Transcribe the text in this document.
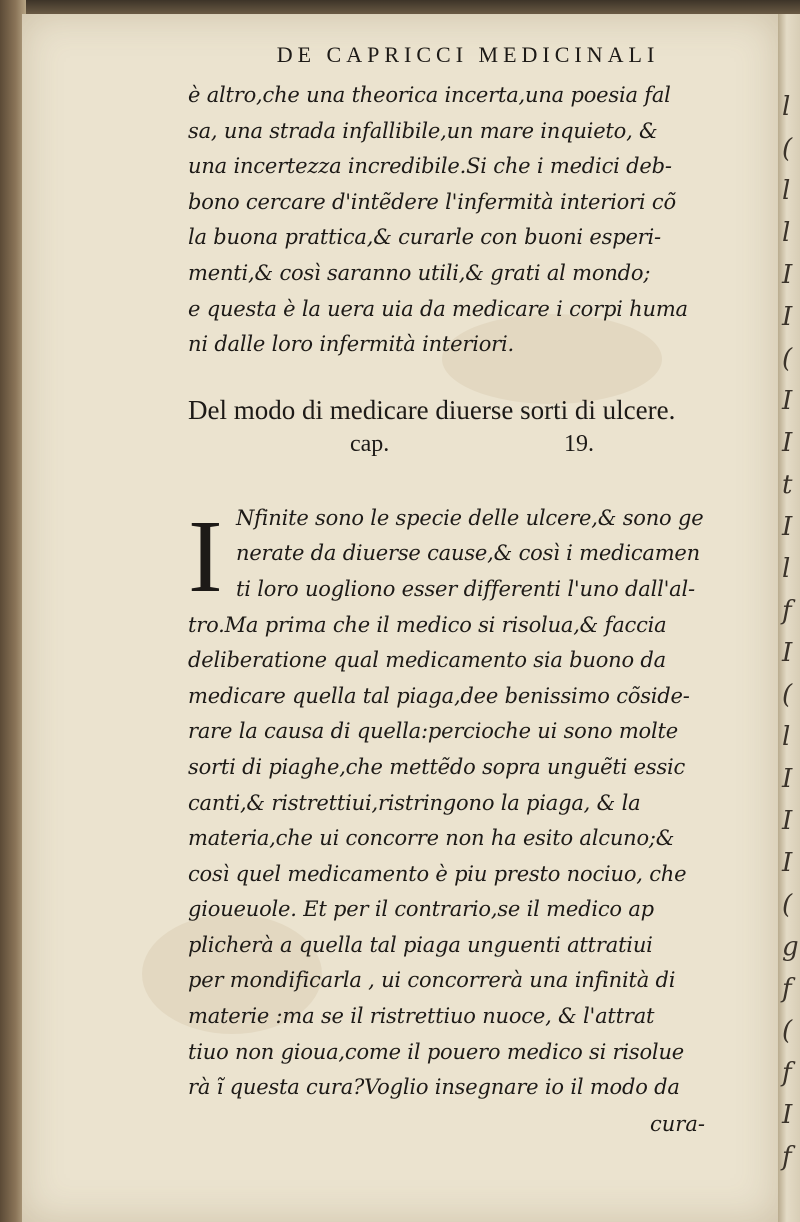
l
(
l
l
I
I
(
I
I
t
I
l
f
I
(
l
I
I
I
(
g
f
(
f
I
f
DE CAPRICCI MEDICINALI
è altro,che una theorica incerta,una poesia fal
sa, una strada infallibile,un mare inquieto, &
una incertezza incredibile.Si che i medici deb-
bono cercare d'intẽdere l'infermità interiori cõ
la buona prattica,& curarle con buoni esperi-
menti,& così saranno utili,& grati al mondo;
e questa è la uera uia da medicare i corpi huma
ni dalle loro infermità interiori.
Del modo di medicare diuerse sorti di ulcere.
cap.	19.
I Nfinite sono le specie delle ulcere,& sono ge
nerate da diuerse cause,& così i medicamen
ti loro uogliono esser differenti l'uno dall'al-
tro.Ma prima che il medico si risolua,& faccia
deliberatione qual medicamento sia buono da
medicare quella tal piaga,dee benissimo cõside-
rare la causa di quella:percioche ui sono molte
sorti di piaghe,che mettẽdo sopra unguẽti essic
canti,& ristrettiui,ristringono la piaga, & la
materia,che ui concorre non ha esito alcuno;&
così quel medicamento è piu presto nociuo, che
gioueuole. Et per il contrario,se il medico ap
plicherà a quella tal piaga unguenti attratiui
per mondificarla , ui concorrerà una infinità di
materie :ma se il ristrettiuo nuoce, & l'attrat
tiuo non gioua,come il pouero medico si risolue
rà ĩ questa cura?Voglio insegnare io il modo da
cura-
